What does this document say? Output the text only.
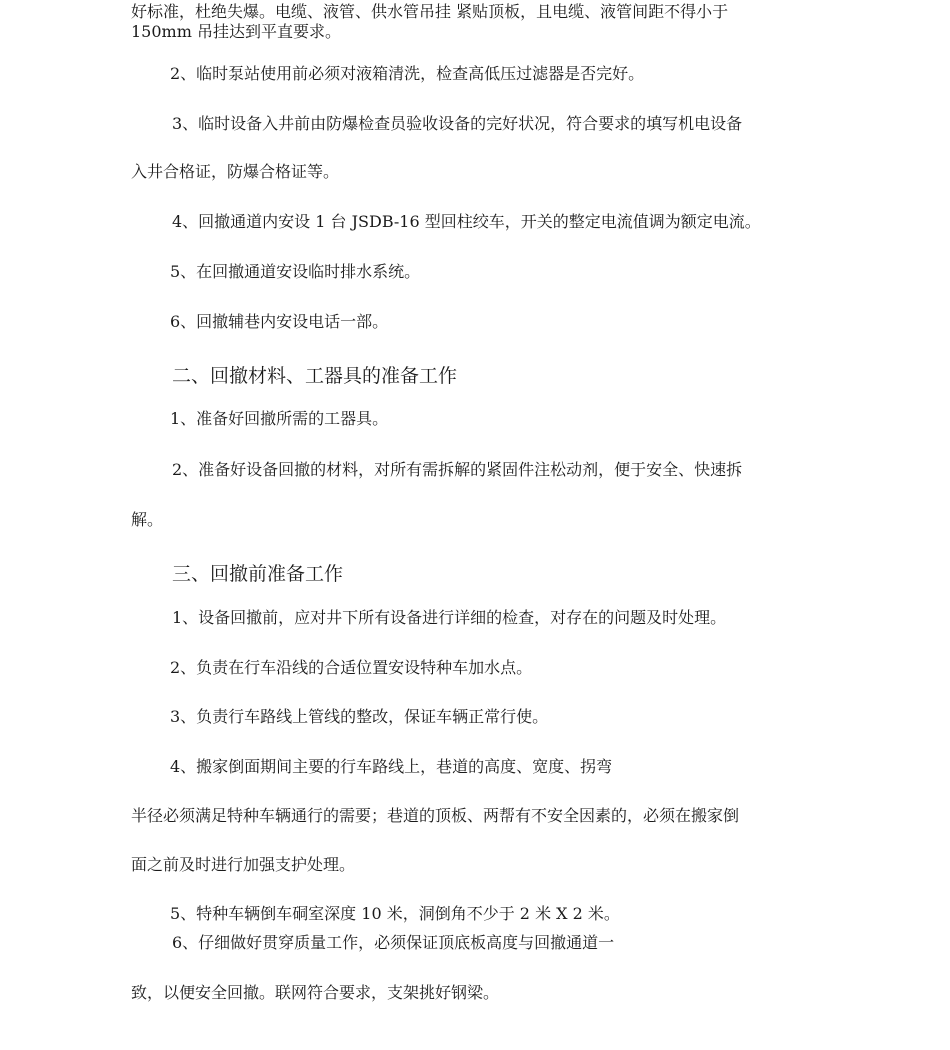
好标准，杜绝失爆。电缆、液管、供水管吊挂 紧贴顶板，且电缆、液管间距不得小于

150mm 吊挂达到平直要求。

2、临时泵站使用前必须对液箱清洗，检查高低压过滤器是否完好。

3、临时设备入井前由防爆检查员验收设备的完好状况，符合要求的填写机电设备

入井合格证，防爆合格证等。

4、回撤通道内安设 1 台 JSDB-16 型回柱绞车，开关的整定电流值调为额定电流。

5、在回撤通道安设临时排水系统。

6、回撤辅巷内安设电话一部。

二、回撤材料、工器具的准备工作

1、准备好回撤所需的工器具。

2、准备好设备回撤的材料，对所有需拆解的紧固件注松动剂，便于安全、快速拆

解。

三、回撤前准备工作

1、设备回撤前，应对井下所有设备进行详细的检查，对存在的问题及时处理。

2、负责在行车沿线的合适位置安设特种车加水点。

3、负责行车路线上管线的整改，保证车辆正常行使。

4、搬家倒面期间主要的行车路线上，巷道的高度、宽度、拐弯

半径必须满足特种车辆通行的需要；巷道的顶板、两帮有不安全因素的，必须在搬家倒

面之前及时进行加强支护处理。

5、特种车辆倒车硐室深度 10 米，洞倒角不少于 2 米 X 2 米。

6、仔细做好贯穿质量工作，必须保证顶底板高度与回撤通道一

致，以便安全回撤。联网符合要求，支架挑好钢梁。
